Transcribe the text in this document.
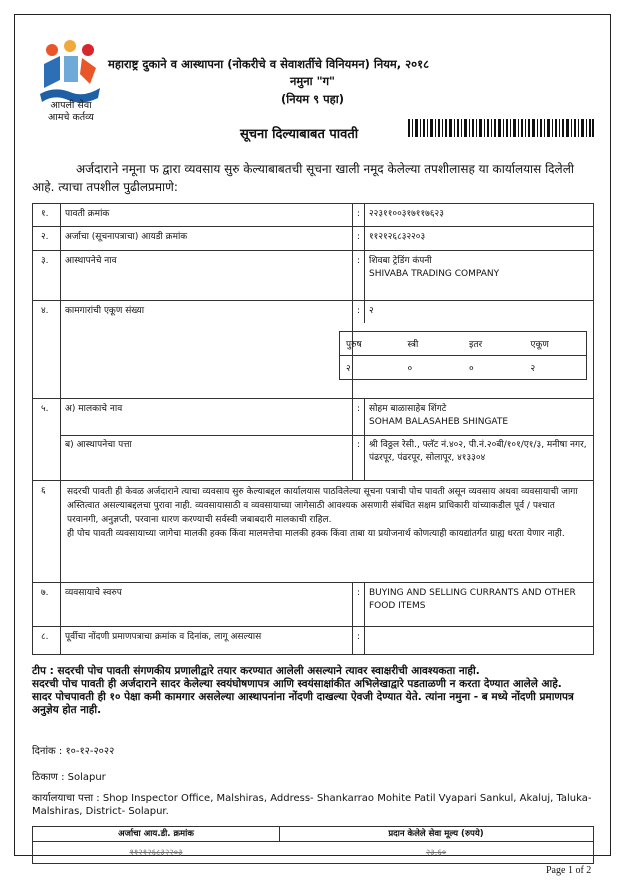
आपली सेवा
आमचे कर्तव्य
महाराष्ट्र दुकाने व आस्थापना (नोकरीचे व सेवाशर्तीचे विनियमन) नियम, २०१८
नमुना "ग"
(नियम ९ पहा)
सूचना दिल्याबाबत पावती
अर्जदाराने नमूना फ द्वारा व्यवसाय सुरु केल्याबाबतची सूचना खाली नमूद केलेल्या तपशीलासह या कार्यालयास दिलेली आहे. त्याचा तपशील पुढीलप्रमाणे:
१.	पावती क्रमांक	: २२३११००३१७११७६२३
२.	अर्जाचा (सूचनापत्राचा) आयडी क्रमांक	: ११२१२६८३२२०३
३.	आस्थापनेचे नाव	: शिवबा ट्रेडिंग कंपनी
SHIVABA TRADING COMPANY
४.	कामगारांची एकूण संख्या	: २
पुरुष	स्त्री	इतर	एकूण
२	०	०	२
५.	अ) मालकाचे नाव	: सोहम बाळासाहेब शिंगटे
SOHAM BALASAHEB SHINGATE
ब) आस्थापनेचा पत्ता	: श्री विठ्ठल रेसी., फ्लॅट नं.४०२, पी.नं.२०बी/१०१/ए१/३, मनीषा नगर, पंढरपूर, पंढरपूर, सोलापूर, ४१३३०४
६	सदरची पावती ही केवळ अर्जदाराने त्याचा व्यवसाय सुरु केल्याबद्दल कार्यालयास पाठविलेल्या सूचना पत्राची पोच पावती असून व्यवसाय अथवा व्यवसायाची जागा अस्तित्वात असल्याबद्दलचा पुरावा नाही. व्यवसायासाठी व व्यवसायाच्या जागेसाठी आवश्यक असणारी संबंधित सक्षम प्राधिकारी यांच्याकडील पूर्व / पश्चात परवानगी, अनुज्ञप्ती, परवाना धारण करण्याची सर्वस्वी जबाबदारी मालकाची राहिल.
ही पोच पावती व्यवसायाच्या जागेचा मालकी हक्क किंवा मालमत्तेचा मालकी हक्क किंवा ताबा या प्रयोजनार्थ कोणत्याही कायद्यांतर्गत ग्राह्य धरता येणार नाही.
७.	व्यवसायाचे स्वरुप	: BUYING AND SELLING CURRANTS AND OTHER FOOD ITEMS
८.	पूर्वीचा नोंदणी प्रमाणपत्राचा क्रमांक व दिनांक, लागू असल्यास	:
टीप : सदरची पोच पावती संगणकीय प्रणालीद्वारे तयार करण्यात आलेली असल्याने त्यावर स्वाक्षरीची आवश्यकता नाही.
सदरची पोच पावती ही अर्जदाराने सादर केलेल्या स्वयंघोषणापत्र आणि स्वयंसाक्षांकीत अभिलेखाद्वारे पडताळणी न करता देण्यात आलेले आहे.
सादर पोचपावती ही १० पेक्षा कमी कामगार असलेल्या आस्थापनांना नोंदणी दाखल्या ऐवजी देण्यात येते. त्यांना नमुना - ब मध्ये नोंदणी प्रमाणपत्र अनुज्ञेय होत नाही.
दिनांक : १०-१२-२०२२
ठिकाण : Solapur
कार्यालयाचा पत्ता : Shop Inspector Office, Malshiras, Address- Shankarrao Mohite Patil Vyapari Sankul, Akaluj, Taluka-Malshiras, District- Solapur.
अर्जाचा आय.डी. क्रमांक	प्रदान केलेले सेवा मूल्य (रुपये)
११२१२६८३२२०३	२३.६०
Page 1 of 2
